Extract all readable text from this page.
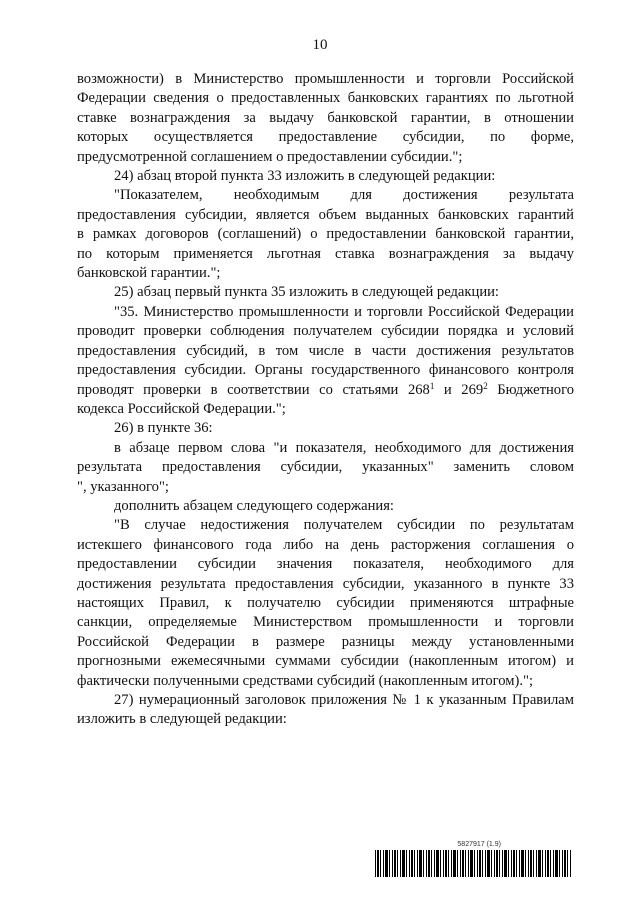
10

возможности) в Министерство промышленности и торговли Российской

Федерации сведения о предоставленных банковских гарантиях по льготной

ставке вознаграждения за выдачу банковской гарантии, в отношении

которых осуществляется предоставление субсидии, по форме,

предусмотренной соглашением о предоставлении субсидии.";

24) абзац второй пункта 33 изложить в следующей редакции:

"Показателем, необходимым для достижения результата

предоставления субсидии, является объем выданных банковских гарантий

в рамках договоров (соглашений) о предоставлении банковской гарантии,

по которым применяется льготная ставка вознаграждения за выдачу

банковской гарантии.";

25) абзац первый пункта 35 изложить в следующей редакции:

"35. Министерство промышленности и торговли Российской Федерации

проводит проверки соблюдения получателем субсидии порядка и условий

предоставления субсидий, в том числе в части достижения результатов

предоставления субсидии. Органы государственного финансового контроля

проводят проверки в соответствии со статьями $268^1$ и $269^2$ Бюджетного

кодекса Российской Федерации.";

26) в пункте 36:

в абзаце первом слова "и показателя, необходимого для достижения

результата предоставления субсидии, указанных" заменить словом

", указанного";

дополнить абзацем следующего содержания:

"В случае недостижения получателем субсидии по результатам

истекшего финансового года либо на день расторжения соглашения о

предоставлении субсидии значения показателя, необходимого для

достижения результата предоставления субсидии, указанного в пункте 33

настоящих Правил, к получателю субсидии применяются штрафные

санкции, определяемые Министерством промышленности и торговли

Российской Федерации в размере разницы между установленными

прогнозными ежемесячными суммами субсидии (накопленным итогом) и

фактически полученными средствами субсидий (накопленным итогом).";

27) нумерационный заголовок приложения № 1 к указанным Правилам

изложить в следующей редакции:

5827917 (1.9)
